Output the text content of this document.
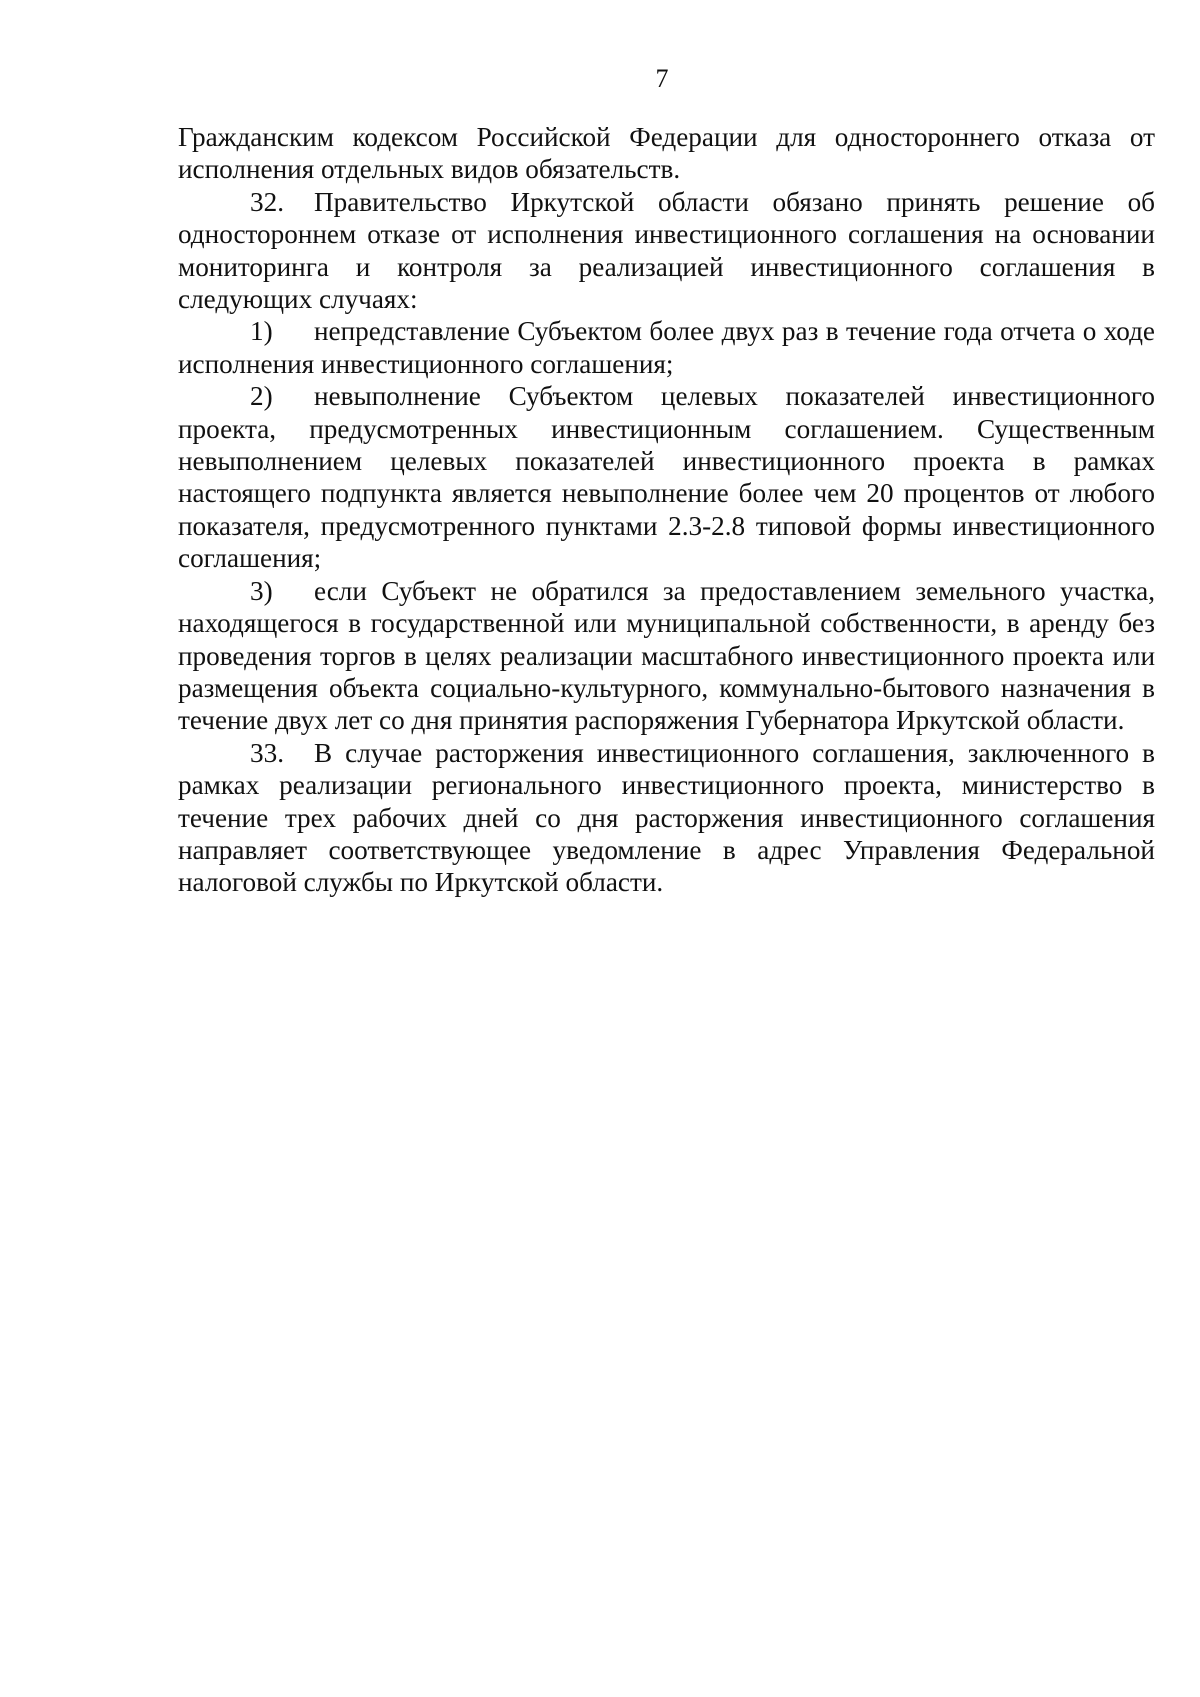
7

Гражданским кодексом Российской Федерации для одностороннего отказа от исполнения отдельных видов обязательств.

32. Правительство Иркутской области обязано принять решение об одностороннем отказе от исполнения инвестиционного соглашения на основании мониторинга и контроля за реализацией инвестиционного соглашения в следующих случаях:

1) непредставление Субъектом более двух раз в течение года отчета о ходе исполнения инвестиционного соглашения;

2) невыполнение Субъектом целевых показателей инвестиционного проекта, предусмотренных инвестиционным соглашением. Существенным невыполнением целевых показателей инвестиционного проекта в рамках настоящего подпункта является невыполнение более чем 20 процентов от любого показателя, предусмотренного пунктами 2.3-2.8 типовой формы инвестиционного соглашения;

3) если Субъект не обратился за предоставлением земельного участка, находящегося в государственной или муниципальной собственности, в аренду без проведения торгов в целях реализации масштабного инвестиционного проекта или размещения объекта социально-культурного, коммунально-бытового назначения в течение двух лет со дня принятия распоряжения Губернатора Иркутской области.

33. В случае расторжения инвестиционного соглашения, заключенного в рамках реализации регионального инвестиционного проекта, министерство в течение трех рабочих дней со дня расторжения инвестиционного соглашения направляет соответствующее уведомление в адрес Управления Федеральной налоговой службы по Иркутской области.
